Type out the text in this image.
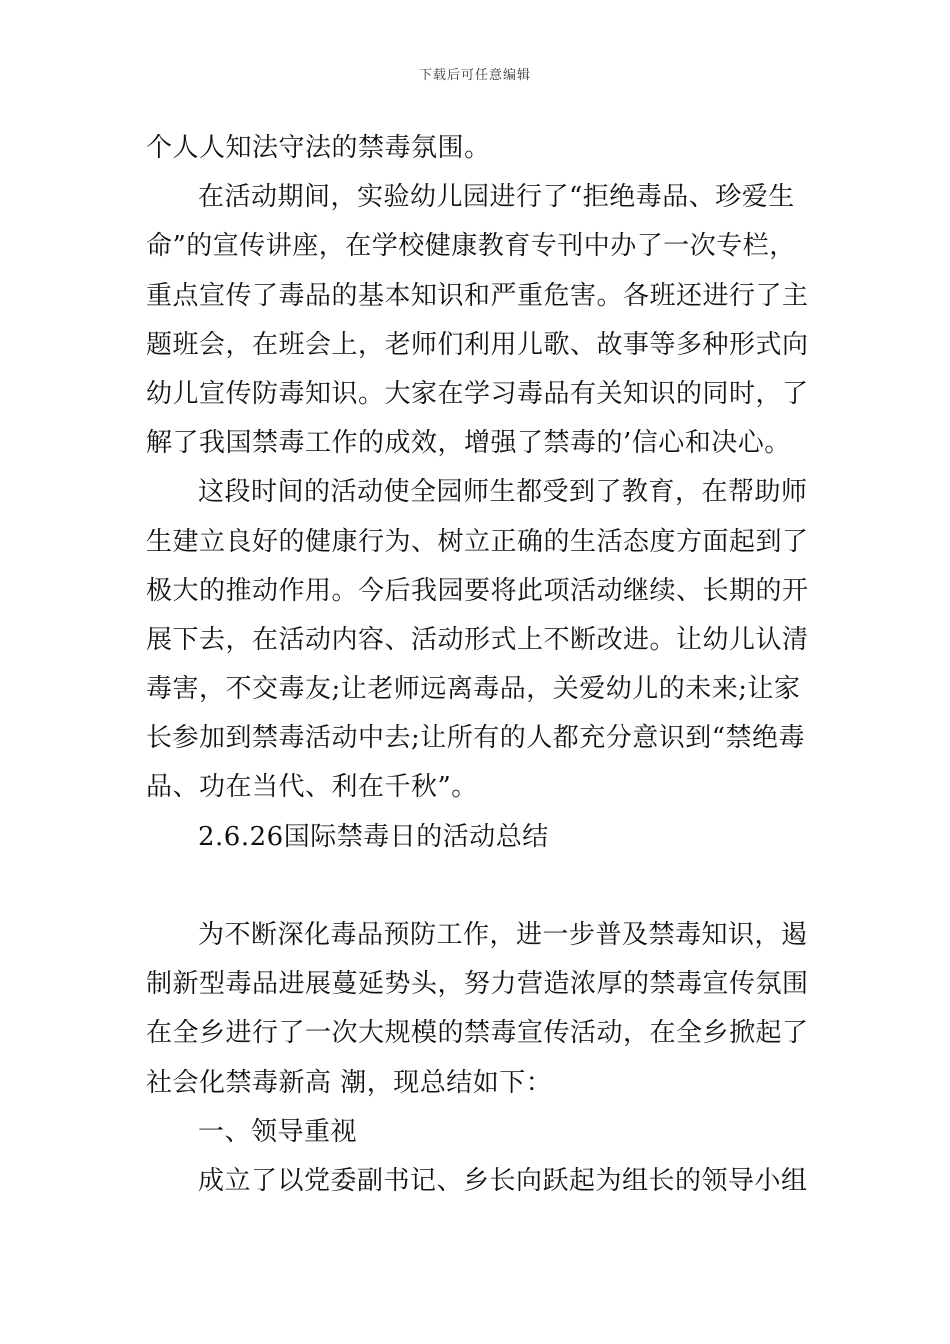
下载后可任意编辑
个人人知法守法的禁毒氛围。
在活动期间，实验幼儿园进行了“拒绝毒品、珍爱生
命”的宣传讲座，在学校健康教育专刊中办了一次专栏，
重点宣传了毒品的基本知识和严重危害。各班还进行了主
题班会，在班会上，老师们利用儿歌、故事等多种形式向
幼儿宣传防毒知识。大家在学习毒品有关知识的同时，了
解了我国禁毒工作的成效，增强了禁毒的’信心和决心。
这段时间的活动使全园师生都受到了教育，在帮助师
生建立良好的健康行为、树立正确的生活态度方面起到了
极大的推动作用。今后我园要将此项活动继续、长期的开
展下去，在活动内容、活动形式上不断改进。让幼儿认清
毒害，不交毒友;让老师远离毒品，关爱幼儿的未来;让家
长参加到禁毒活动中去;让所有的人都充分意识到“禁绝毒
品、功在当代、利在千秋”。
2.6.26国际禁毒日的活动总结
为不断深化毒品预防工作，进一步普及禁毒知识，遏
制新型毒品进展蔓延势头，努力营造浓厚的禁毒宣传氛围
在全乡进行了一次大规模的禁毒宣传活动，在全乡掀起了
社会化禁毒新高 潮，现总结如下：
一、领导重视
成立了以党委副书记、乡长向跃起为组长的领导小组
